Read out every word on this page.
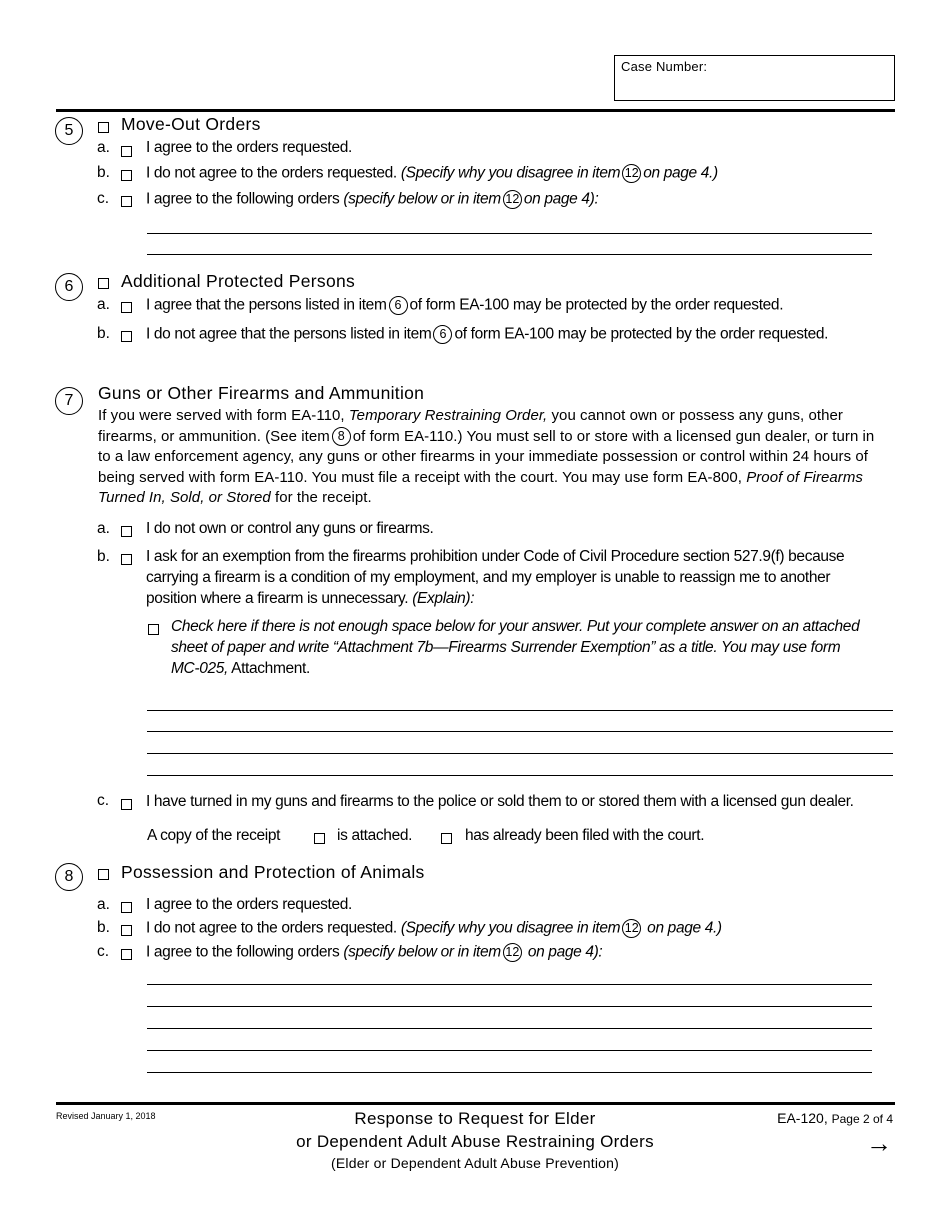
Case Number:
5	Move-Out Orders
a. I agree to the orders requested.
b. I do not agree to the orders requested. (Specify why you disagree in item 12 on page 4.)
c. I agree to the following orders (specify below or in item 12 on page 4):
6	Additional Protected Persons
a. I agree that the persons listed in item 6 of form EA-100 may be protected by the order requested.
b. I do not agree that the persons listed in item 6 of form EA-100 may be protected by the order requested.
7	Guns or Other Firearms and Ammunition
If you were served with form EA-110, Temporary Restraining Order, you cannot own or possess any guns, other firearms, or ammunition. (See item 8 of form EA-110.) You must sell to or store with a licensed gun dealer, or turn in to a law enforcement agency, any guns or other firearms in your immediate possession or control within 24 hours of being served with form EA-110. You must file a receipt with the court. You may use form EA-800, Proof of Firearms Turned In, Sold, or Stored for the receipt.
a. I do not own or control any guns or firearms.
b. I ask for an exemption from the firearms prohibition under Code of Civil Procedure section 527.9(f) because
carrying a firearm is a condition of my employment, and my employer is unable to reassign me to another
position where a firearm is unnecessary. (Explain):
Check here if there is not enough space below for your answer. Put your complete answer on an attached
sheet of paper and write “Attachment 7b—Firearms Surrender Exemption” as a title. You may use form
MC-025, Attachment.
c. I have turned in my guns and firearms to the police or sold them to or stored them with a licensed gun dealer.
A copy of the receipt	is attached.	has already been filed with the court.
8	Possession and Protection of Animals
a. I agree to the orders requested.
b. I do not agree to the orders requested. (Specify why you disagree in item 12 on page 4.)
c. I agree to the following orders (specify below or in item 12 on page 4):
Revised January 1, 2018	Response to Request for Elder
or Dependent Adult Abuse Restraining Orders
(Elder or Dependent Adult Abuse Prevention)
EA-120, Page 2 of 4
→
